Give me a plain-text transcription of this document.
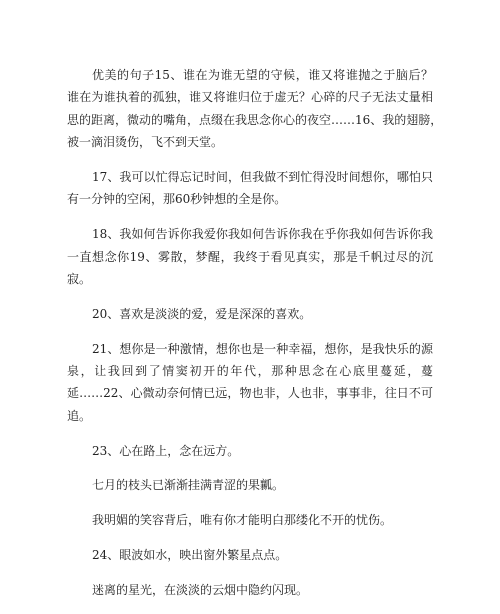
优美的句子15、谁在为谁无望的守候，谁又将谁抛之于脑后？
谁在为谁执着的孤独，谁又将谁归位于虚无？心碎的尺子无法丈量相
思的距离，微动的嘴角，点缀在我思念你心的夜空……16、我的翅膀，
被一滴泪烫伤，飞不到天堂。
17、我可以忙得忘记时间，但我做不到忙得没时间想你，哪怕只
有一分钟的空闲，那60秒钟想的全是你。
18、我如何告诉你我爱你我如何告诉你我在乎你我如何告诉你我
一直想念你19、雾散，梦醒，我终于看见真实，那是千帆过尽的沉
寂。
20、喜欢是淡淡的爱，爱是深深的喜欢。
21、想你是一种激情，想你也是一种幸福，想你，是我快乐的源
泉，让我回到了情窦初开的年代，那种思念在心底里蔓延，蔓
延……22、心微动奈何情已远，物也非，人也非，事事非，往日不可
追。
23、心在路上，念在远方。
七月的枝头已渐渐挂满青涩的果瓤。
我明媚的笑容背后，唯有你才能明白那缕化不开的忧伤。
24、眼波如水，映出窗外繁星点点。
迷离的星光，在淡淡的云烟中隐约闪现。
